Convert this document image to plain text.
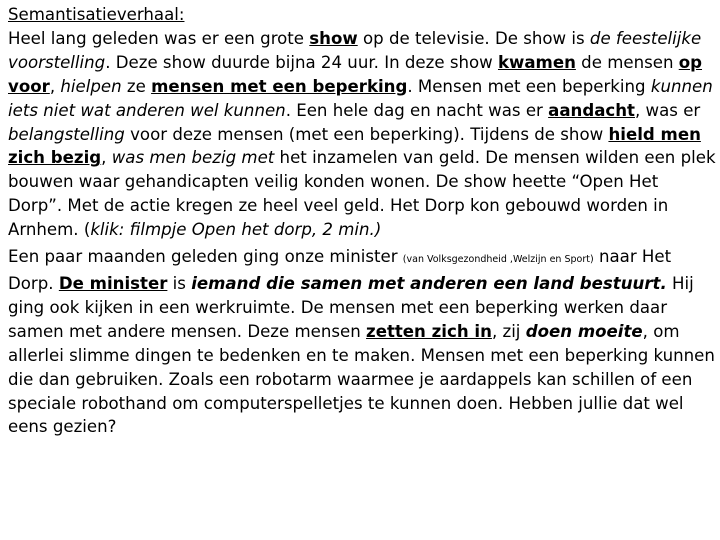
Semantisatieverhaal:

Heel lang geleden was er een grote show op de televisie. De show is de feestelijke voorstelling. Deze show duurde bijna 24 uur. In deze show kwamen de mensen op voor, hielpen ze mensen met een beperking. Mensen met een beperking kunnen iets niet wat anderen wel kunnen. Een hele dag en nacht was er aandacht, was er belangstelling voor deze mensen (met een beperking). Tijdens de show hield men zich bezig, was men bezig met het inzamelen van geld. De mensen wilden een plek bouwen waar gehandicapten veilig konden wonen. De show heette “Open Het Dorp”. Met de actie kregen ze heel veel geld. Het Dorp kon gebouwd worden in Arnhem. (klik: filmpje Open het dorp, 2 min.)

Een paar maanden geleden ging onze minister (van Volksgezondheid ,Welzijn en Sport) naar Het Dorp. De minister is iemand die samen met anderen een land bestuurt. Hij ging ook kijken in een werkruimte. De mensen met een beperking werken daar samen met andere mensen. Deze mensen zetten zich in, zij doen moeite, om allerlei slimme dingen te bedenken en te maken. Mensen met een beperking kunnen die dan gebruiken. Zoals een robotarm waarmee je aardappels kan schillen of een speciale robothand om computerspelletjes te kunnen doen. Hebben jullie dat wel eens gezien?
